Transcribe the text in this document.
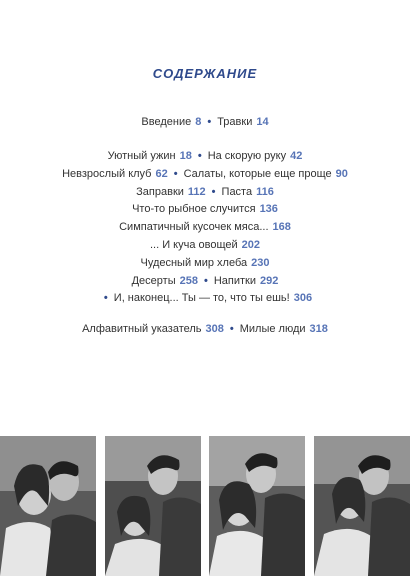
СОДЕРЖАНИЕ
Введение 8 • Травки 14
Уютный ужин 18 • На скорую руку 42
Невзрослый клуб 62 • Салаты, которые еще проще 90
Заправки 112 • Паста 116
Что-то рыбное случится 136
Симпатичный кусочек мяса... 168
... И куча овощей 202
Чудесный мир хлеба 230
Десерты 258 • Напитки 292
• И, наконец... Ты — то, что ты ешь! 306
Алфавитный указатель 308 • Милые люди 318
